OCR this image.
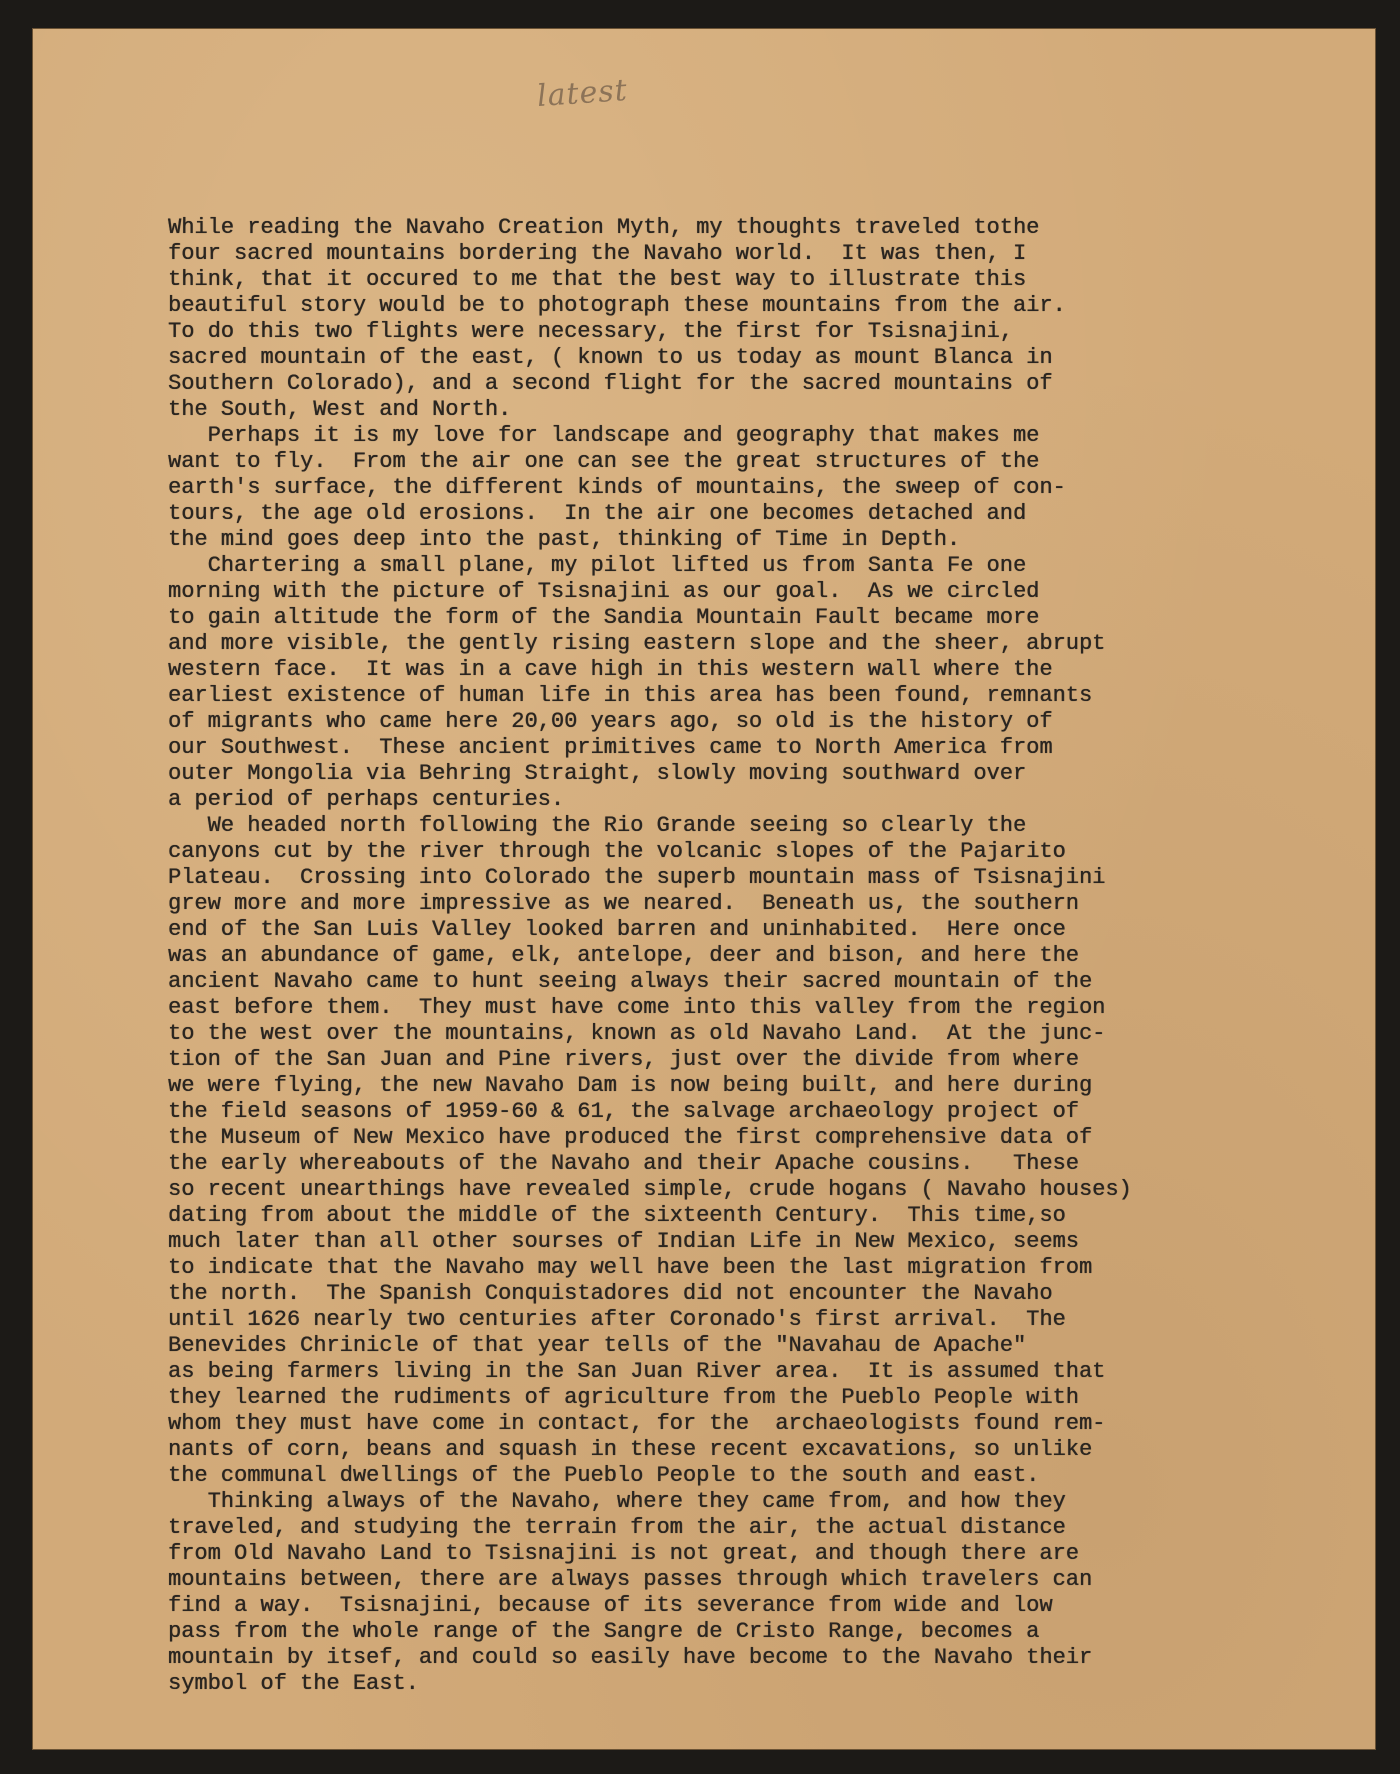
latest
While reading the Navaho Creation Myth, my thoughts traveled tothe
four sacred mountains bordering the Navaho world.  It was then, I
think, that it occured to me that the best way to illustrate this
beautiful story would be to photograph these mountains from the air.
To do this two flights were necessary, the first for Tsisnajini,
sacred mountain of the east, ( known to us today as mount Blanca in
Southern Colorado), and a second flight for the sacred mountains of
the South, West and North.
Perhaps it is my love for landscape and geography that makes me
want to fly.  From the air one can see the great structures of the
earth's surface, the different kinds of mountains, the sweep of con-
tours, the age old erosions.  In the air one becomes detached and
the mind goes deep into the past, thinking of Time in Depth.
Chartering a small plane, my pilot lifted us from Santa Fe one
morning with the picture of Tsisnajini as our goal.  As we circled
to gain altitude the form of the Sandia Mountain Fault became more
and more visible, the gently rising eastern slope and the sheer, abrupt
western face.  It was in a cave high in this western wall where the
earliest existence of human life in this area has been found, remnants
of migrants who came here 20,00 years ago, so old is the history of
our Southwest.  These ancient primitives came to North America from
outer Mongolia via Behring Straight, slowly moving southward over
a period of perhaps centuries.
We headed north following the Rio Grande seeing so clearly the
canyons cut by the river through the volcanic slopes of the Pajarito
Plateau.  Crossing into Colorado the superb mountain mass of Tsisnajini
grew more and more impressive as we neared.  Beneath us, the southern
end of the San Luis Valley looked barren and uninhabited.  Here once
was an abundance of game, elk, antelope, deer and bison, and here the
ancient Navaho came to hunt seeing always their sacred mountain of the
east before them.  They must have come into this valley from the region
to the west over the mountains, known as old Navaho Land.  At the junc-
tion of the San Juan and Pine rivers, just over the divide from where
we were flying, the new Navaho Dam is now being built, and here during
the field seasons of 1959-60 & 61, the salvage archaeology project of
the Museum of New Mexico have produced the first comprehensive data of
the early whereabouts of the Navaho and their Apache cousins.   These
so recent unearthings have revealed simple, crude hogans ( Navaho houses)
dating from about the middle of the sixteenth Century.  This time,so
much later than all other sourses of Indian Life in New Mexico, seems
to indicate that the Navaho may well have been the last migration from
the north.  The Spanish Conquistadores did not encounter the Navaho
until 1626 nearly two centuries after Coronado's first arrival.  The
Benevides Chrinicle of that year tells of the "Navahau de Apache"
as being farmers living in the San Juan River area.  It is assumed that
they learned the rudiments of agriculture from the Pueblo People with
whom they must have come in contact, for the  archaeologists found rem-
nants of corn, beans and squash in these recent excavations, so unlike
the communal dwellings of the Pueblo People to the south and east.
Thinking always of the Navaho, where they came from, and how they
traveled, and studying the terrain from the air, the actual distance
from Old Navaho Land to Tsisnajini is not great, and though there are
mountains between, there are always passes through which travelers can
find a way.  Tsisnajini, because of its severance from wide and low
pass from the whole range of the Sangre de Cristo Range, becomes a
mountain by itsef, and could so easily have become to the Navaho their
symbol of the East.
